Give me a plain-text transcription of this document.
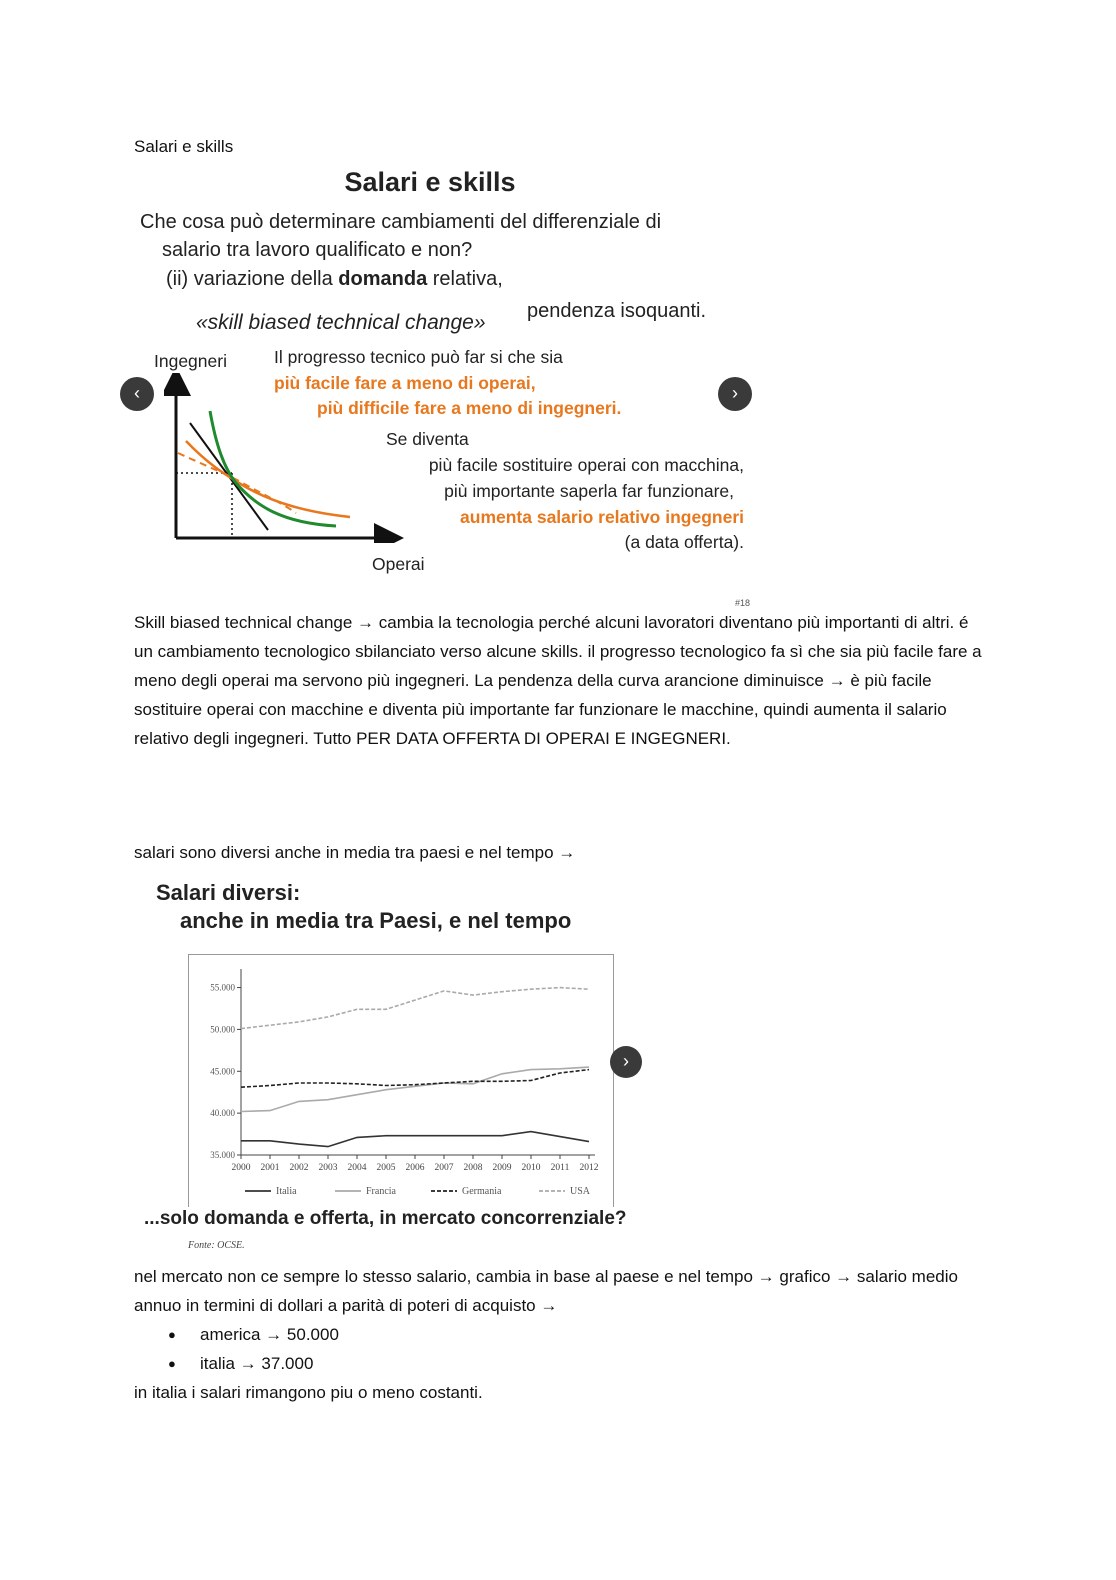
Salari e skills

Salari e skills
Che cosa può determinare cambiamenti del differenziale di
salario tra lavoro qualificato e non?
(ii) variazione della domanda relativa,
«skill biased technical change» pendenza isoquanti.
Ingegneri	Il progresso tecnico può far si che sia
più facile fare a meno di operai,
più difficile fare a meno di ingegneri.
Se diventa
più facile sostituire operai con macchina,
più importante saperla far funzionare,
aumenta salario relativo ingegneri
(a data offerta).
Operai
#18
‹	›

Skill biased technical change → cambia la tecnologia perché alcuni lavoratori diventano più importanti di altri. é un cambiamento tecnologico sbilanciato verso alcune skills. il progresso tecnologico fa sì che sia più facile fare a meno degli operai ma servono più ingegneri. La pendenza della curva arancione diminuisce → è più facile sostituire operai con macchine e diventa più importante far funzionare le macchine, quindi aumenta il salario relativo degli ingegneri. Tutto PER DATA OFFERTA DI OPERAI E INGEGNERI.

salari sono diversi anche in media tra paesi e nel tempo →

Salari diversi:
anche in media tra Paesi, e nel tempo
35.000
40.000
45.000
50.000
55.000
2000 2001 2002 2003 2004 2005 2006 2007 2008 2009 2010 2011 2012
Italia	Francia	Germania	USA
...solo domanda e offerta, in mercato concorrenziale?
Fonte: OCSE.
›

nel mercato non ce sempre lo stesso salario, cambia in base al paese e nel tempo → grafico → salario medio annuo in termini di dollari a parità di poteri di acquisto →

● america → 50.000
● italia → 37.000

in italia i salari rimangono piu o meno costanti.
